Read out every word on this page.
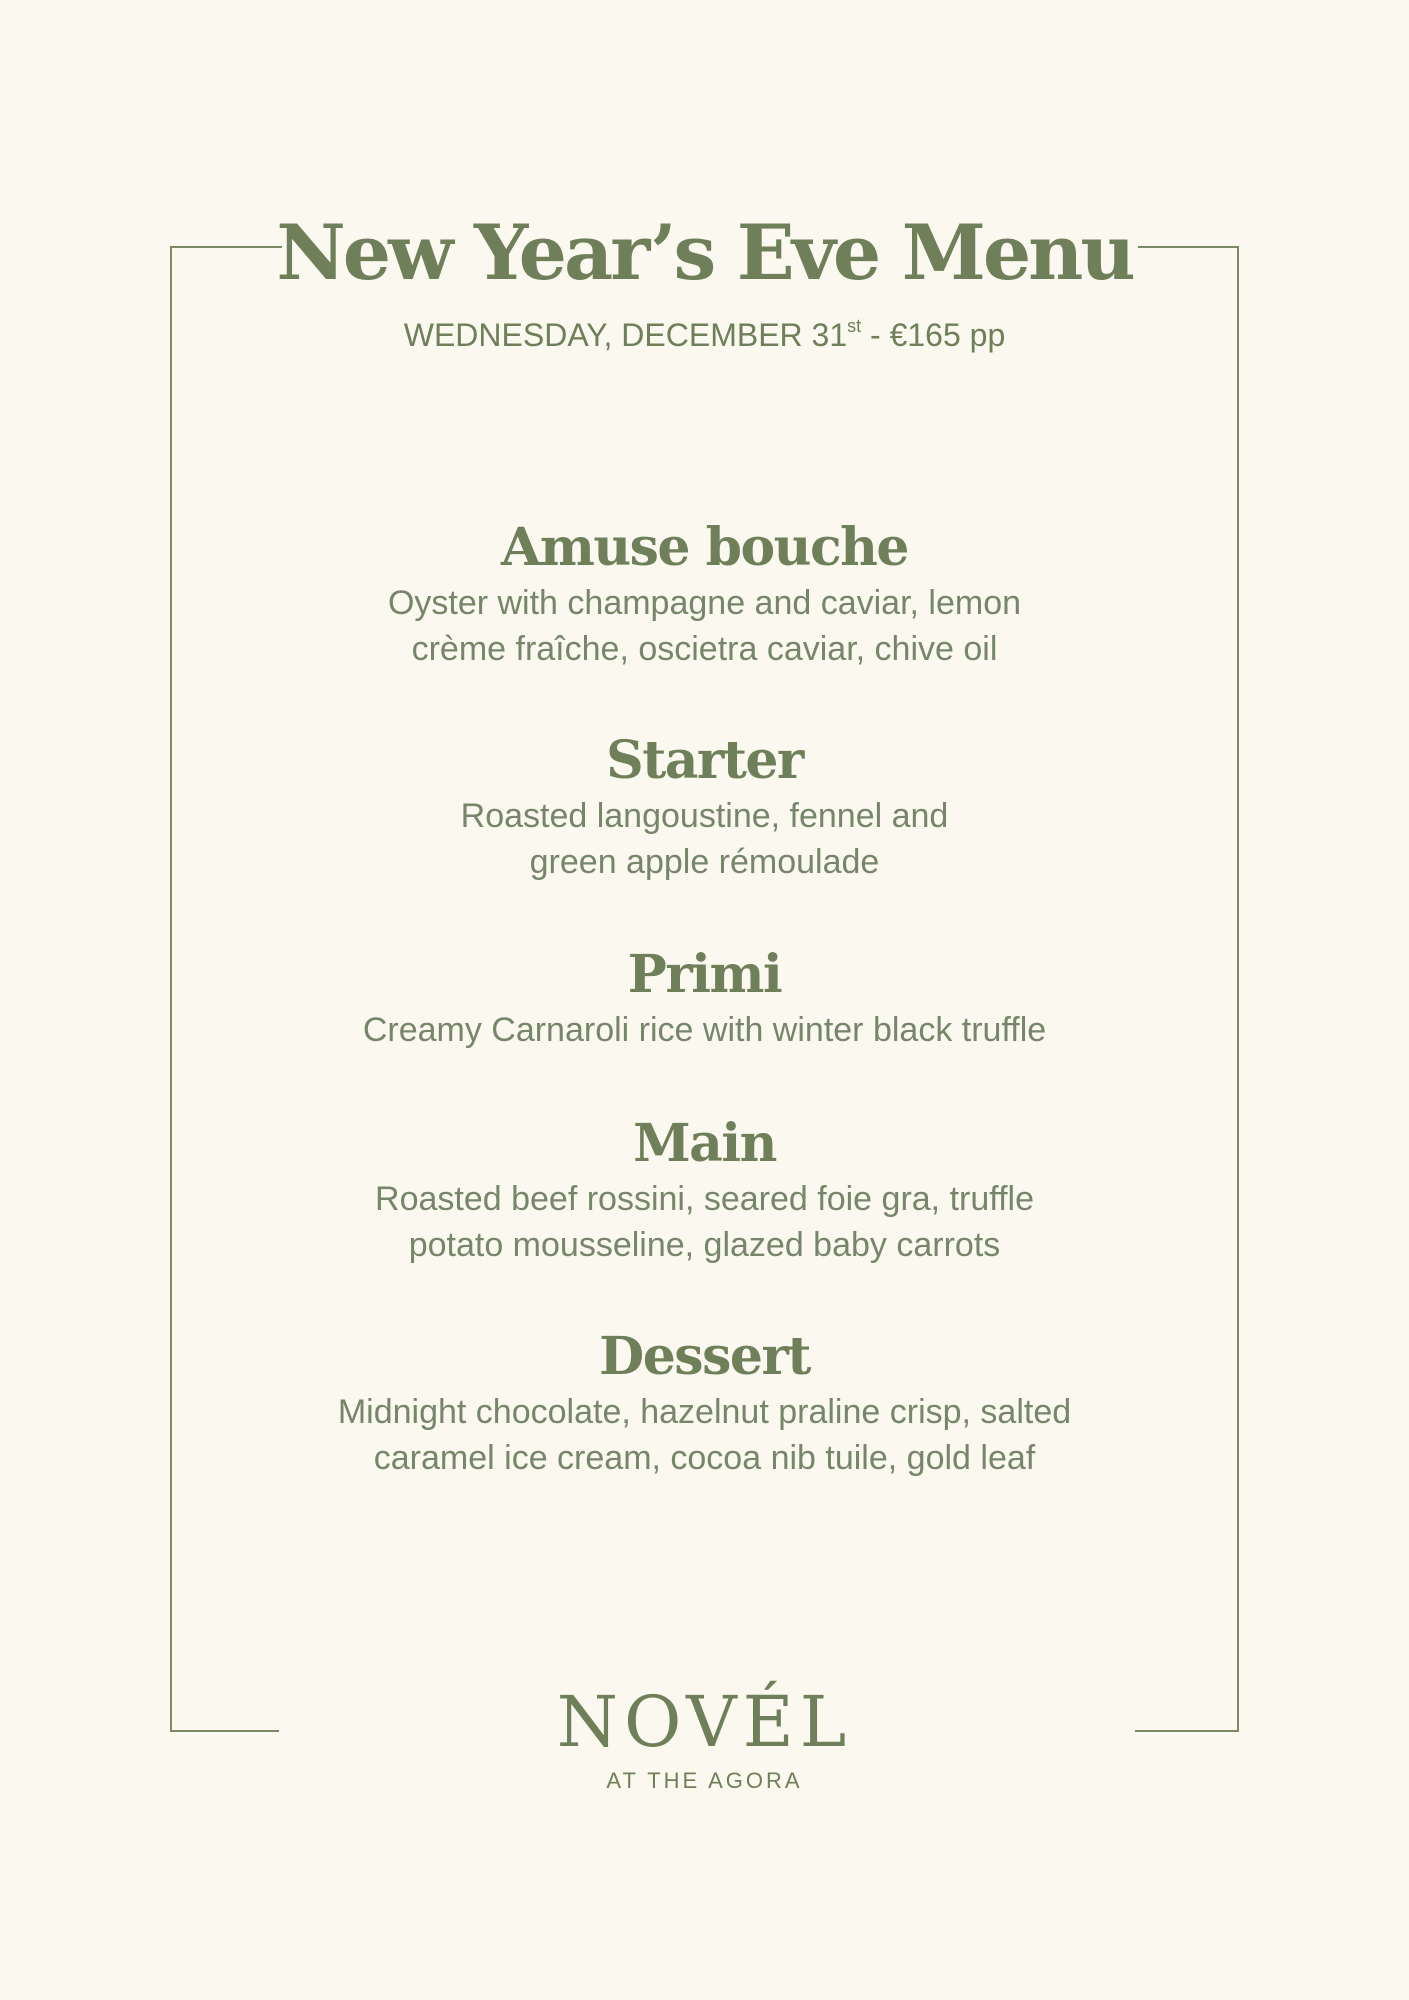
New Year’s Eve Menu
WEDNESDAY, DECEMBER 31st - €165 pp
Amuse bouche

Oyster with champagne and caviar, lemon
crème fraîche, oscietra caviar, chive oil

Starter

Roasted langoustine, fennel and
green apple rémoulade

Primi

Creamy Carnaroli rice with winter black truffle

Main

Roasted beef rossini, seared foie gra, truffle
potato mousseline, glazed baby carrots

Dessert

Midnight chocolate, hazelnut praline crisp, salted
caramel ice cream, cocoa nib tuile, gold leaf

NOVÉL
AT THE AGORA
